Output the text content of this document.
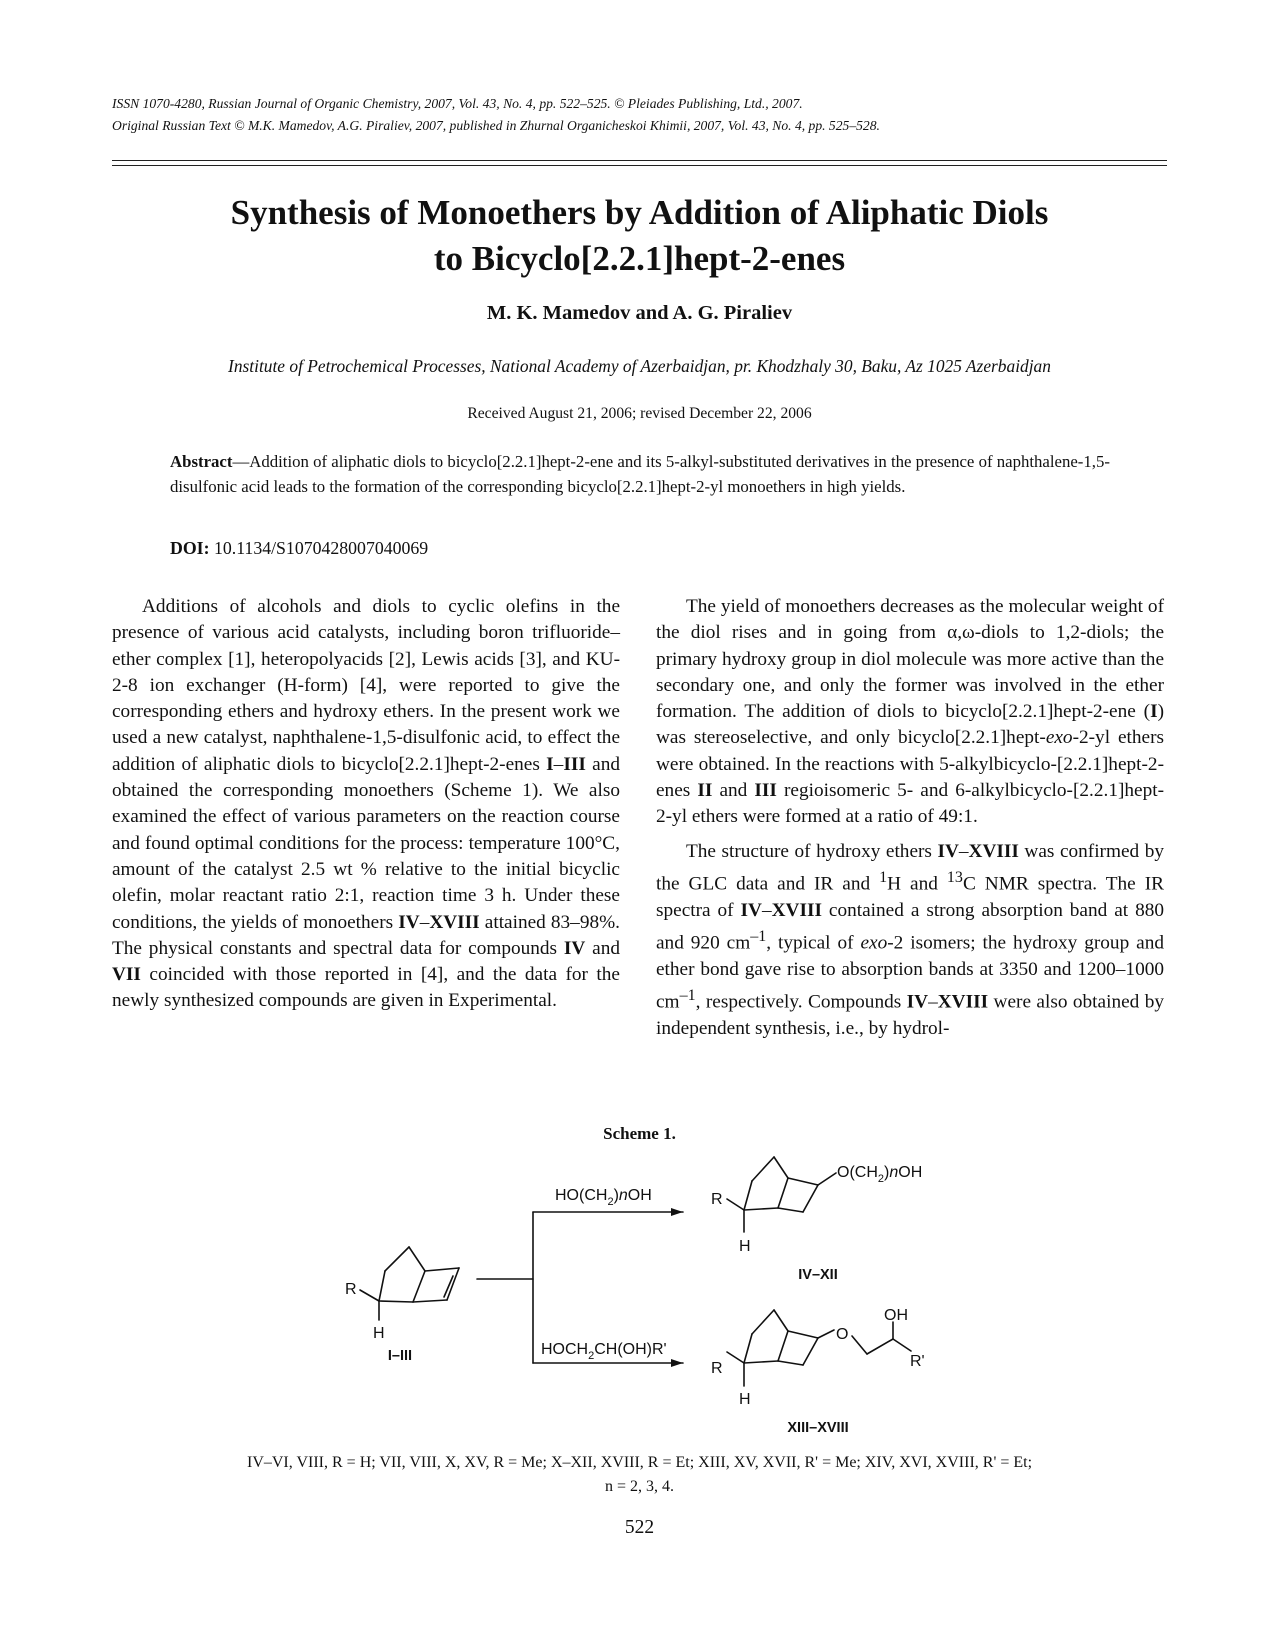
ISSN 1070-4280, Russian Journal of Organic Chemistry, 2007, Vol. 43, No. 4, pp. 522–525. © Pleiades Publishing, Ltd., 2007.
Original Russian Text © M.K. Mamedov, A.G. Piraliev, 2007, published in Zhurnal Organicheskoi Khimii, 2007, Vol. 43, No. 4, pp. 525–528.
Synthesis of Monoethers by Addition of Aliphatic Diols
to Bicyclo[2.2.1]hept-2-enes
M. K. Mamedov and A. G. Piraliev
Institute of Petrochemical Processes, National Academy of Azerbaidjan, pr. Khodzhaly 30, Baku, Az 1025 Azerbaidjan
Received August 21, 2006; revised December 22, 2006
Abstract—Addition of aliphatic diols to bicyclo[2.2.1]hept-2-ene and its 5-alkyl-substituted derivatives in the presence of naphthalene-1,5-disulfonic acid leads to the formation of the corresponding bicyclo[2.2.1]hept-2-yl monoethers in high yields.
DOI: 10.1134/S1070428007040069

Additions of alcohols and diols to cyclic olefins in the presence of various acid catalysts, including boron trifluoride–ether complex [1], heteropolyacids [2], Lewis acids [3], and KU-2-8 ion exchanger (H-form) [4], were reported to give the corresponding ethers and hydroxy ethers. In the present work we used a new catalyst, naphthalene-1,5-disulfonic acid, to effect the addition of aliphatic diols to bicyclo[2.2.1]hept-2-enes I–III and obtained the corresponding monoethers (Scheme 1). We also examined the effect of various parameters on the reaction course and found optimal conditions for the process: temperature 100°C, amount of the catalyst 2.5 wt % relative to the initial bicyclic olefin, molar reactant ratio 2:1, reaction time 3 h. Under these conditions, the yields of monoethers IV–XVIII attained 83–98%. The physical constants and spectral data for compounds IV and VII coincided with those reported in [4], and the data for the newly synthesized compounds are given in Experimental.

The yield of monoethers decreases as the molecular weight of the diol rises and in going from α,ω-diols to 1,2-diols; the primary hydroxy group in diol molecule was more active than the secondary one, and only the former was involved in the ether formation. The addition of diols to bicyclo[2.2.1]hept-2-ene (I) was stereoselective, and only bicyclo[2.2.1]hept-exo-2-yl ethers were obtained. In the reactions with 5-alkylbicyclo-[2.2.1]hept-2-enes II and III regioisomeric 5- and 6-alkylbicyclo-[2.2.1]hept-2-yl ethers were formed at a ratio of 49:1.

The structure of hydroxy ethers IV–XVIII was confirmed by the GLC data and IR and $^1$H and $^{13}$C NMR spectra. The IR spectra of IV–XVIII contained a strong absorption band at 880 and 920 $cm^{-1}$, typical of exo-2 isomers; the hydroxy group and ether bond gave rise to absorption bands at 3350 and 1200–1000 $cm^{-1}$, respectively. Compounds IV–XVIII were also obtained by independent synthesis, i.e., by hydrol-

Scheme 1.
R
H
I–III
$HO(CH_2)nOH$
$HOCH_2CH(OH)R'$
R
H
$O(CH_2)nOH$
IV–XII
R
H
O
OH
R'
XIII–XVIII
IV–VI, VIII, R = H; VII, VIII, X, XV, R = Me; X–XII, XVIII, R = Et; XIII, XV, XVII, R' = Me; XIV, XVI, XVIII, R' = Et;
n = 2, 3, 4.
522
